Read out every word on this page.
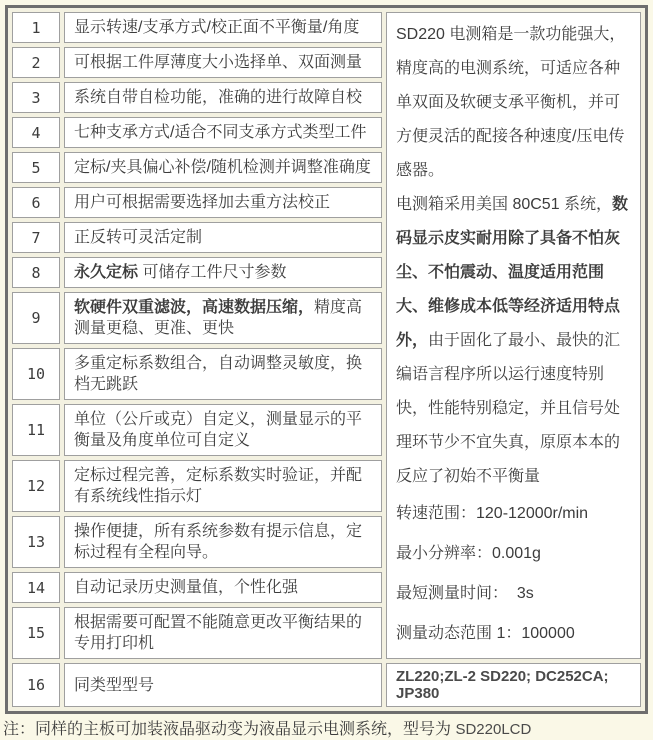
1	显示转速/支承方式/校正面不平衡量/角度	SD220 电测箱是一款功能强大，精度高的电测系统，可适应各种单双面及软硬支承平衡机，并可方便灵活的配接各种速度/压电传感器。

电测箱采用美国 80C51 系统，数码显示皮实耐用除了具备不怕灰尘、不怕震动、温度适用范围大、维修成本低等经济适用特点外，由于固化了最小、最快的汇编语言程序所以运行速度特别快，性能特别稳定，并且信号处理环节少不宜失真，原原本本的反应了初始不平衡量

转速范围：120-12000r/min
最小分辨率：0.001g
最短测量时间：  3s
测量动态范围 1：100000

2	可根据工件厚薄度大小选择单、双面测量	
3	系统自带自检功能，准确的进行故障自校	
4	七种支承方式/适合不同支承方式类型工件	
5	定标/夹具偏心补偿/随机检测并调整准确度	
6	用户可根据需要选择加去重方法校正	
7	正反转可灵活定制	
8	永久定标 可储存工件尺寸参数	
9	软硬件双重滤波，高速数据压缩，精度高测量更稳、更准、更快	
10	多重定标系数组合，自动调整灵敏度，换档无跳跃	
11	单位（公斤或克）自定义，测量显示的平衡量及角度单位可自定义	
12	定标过程完善，定标系数实时验证，并配有系统线性指示灯	
13	操作便捷，所有系统参数有提示信息，定标过程有全程向导。	
14	自动记录历史测量值，个性化强	
15	根据需要可配置不能随意更改平衡结果的专用打印机	
16	同类型型号	ZL220;ZL-2 SD220; DC252CA; JP380
注：同样的主板可加装液晶驱动变为液晶显示电测系统，型号为 SD220LCD
